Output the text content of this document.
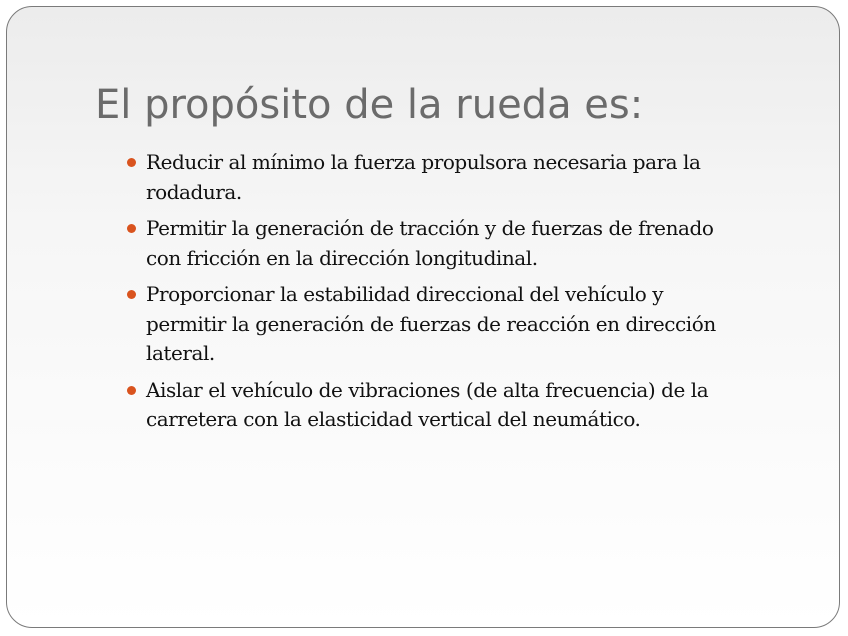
El propósito de la rueda es:
Reducir al mínimo la fuerza propulsora necesaria para la rodadura.
Permitir la generación de tracción y de fuerzas de frenado con fricción en la dirección longitudinal.
Proporcionar la estabilidad direccional del vehículo y permitir la generación de fuerzas de reacción en dirección lateral.
Aislar el vehículo de vibraciones (de alta frecuencia) de la carretera con la elasticidad vertical del neumático.
